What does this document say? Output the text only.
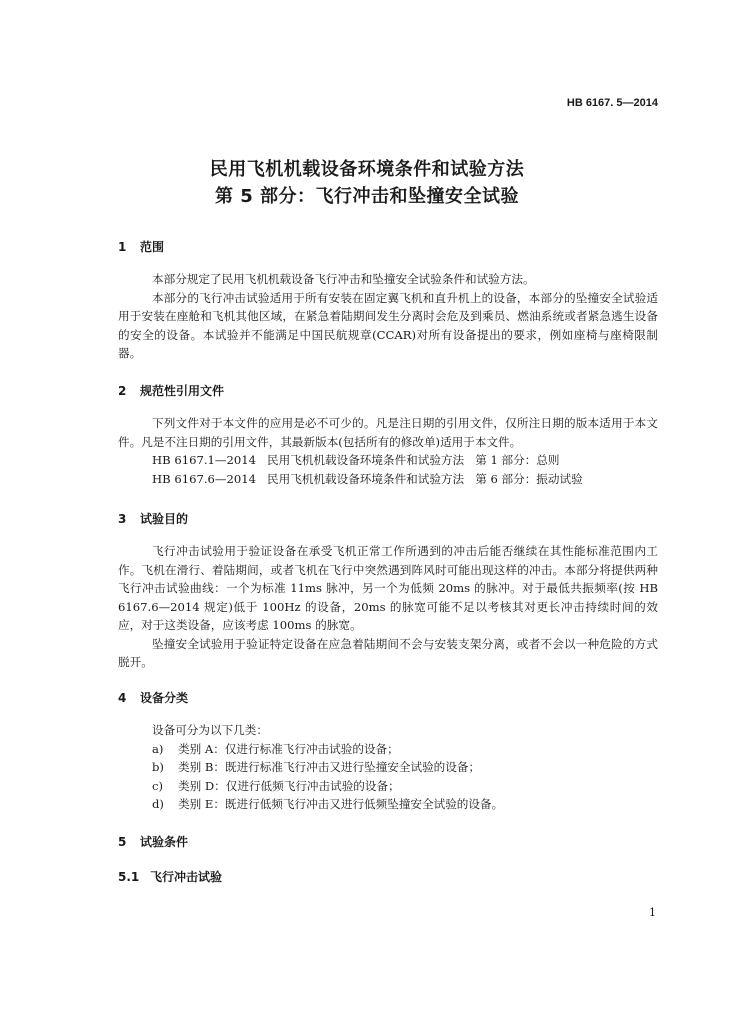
HB 6167. 5—2014
民用飞机机载设备环境条件和试验方法
第 5 部分：飞行冲击和坠撞安全试验
1 范围

本部分规定了民用飞机机载设备飞行冲击和坠撞安全试验条件和试验方法。

本部分的飞行冲击试验适用于所有安装在固定翼飞机和直升机上的设备，本部分的坠撞安全试验适用于安装在座舱和飞机其他区域，在紧急着陆期间发生分离时会危及到乘员、燃油系统或者紧急逃生设备的安全的设备。本试验并不能满足中国民航规章(CCAR)对所有设备提出的要求，例如座椅与座椅限制器。

2 规范性引用文件

下列文件对于本文件的应用是必不可少的。凡是注日期的引用文件，仅所注日期的版本适用于本文件。凡是不注日期的引用文件，其最新版本(包括所有的修改单)适用于本文件。

HB 6167.1—2014   民用飞机机载设备环境条件和试验方法   第 1 部分：总则

HB 6167.6—2014   民用飞机机载设备环境条件和试验方法   第 6 部分：振动试验

3 试验目的

飞行冲击试验用于验证设备在承受飞机正常工作所遇到的冲击后能否继续在其性能标准范围内工作。飞机在滑行、着陆期间，或者飞机在飞行中突然遇到阵风时可能出现这样的冲击。本部分将提供两种飞行冲击试验曲线：一个为标准 11ms 脉冲，另一个为低频 20ms 的脉冲。对于最低共振频率(按 HB 6167.6—2014 规定)低于 100Hz 的设备，20ms 的脉宽可能不足以考核其对更长冲击持续时间的效应，对于这类设备，应该考虑 100ms 的脉宽。

坠撞安全试验用于验证特定设备在应急着陆期间不会与安装支架分离，或者不会以一种危险的方式脱开。

4 设备分类

设备可分为以下几类：

a) 类别 A：仅进行标准飞行冲击试验的设备；

b) 类别 B：既进行标准飞行冲击又进行坠撞安全试验的设备；

c) 类别 D：仅进行低频飞行冲击试验的设备；

d) 类别 E：既进行低频飞行冲击又进行低频坠撞安全试验的设备。

5 试验条件
5.1 飞行冲击试验
1
